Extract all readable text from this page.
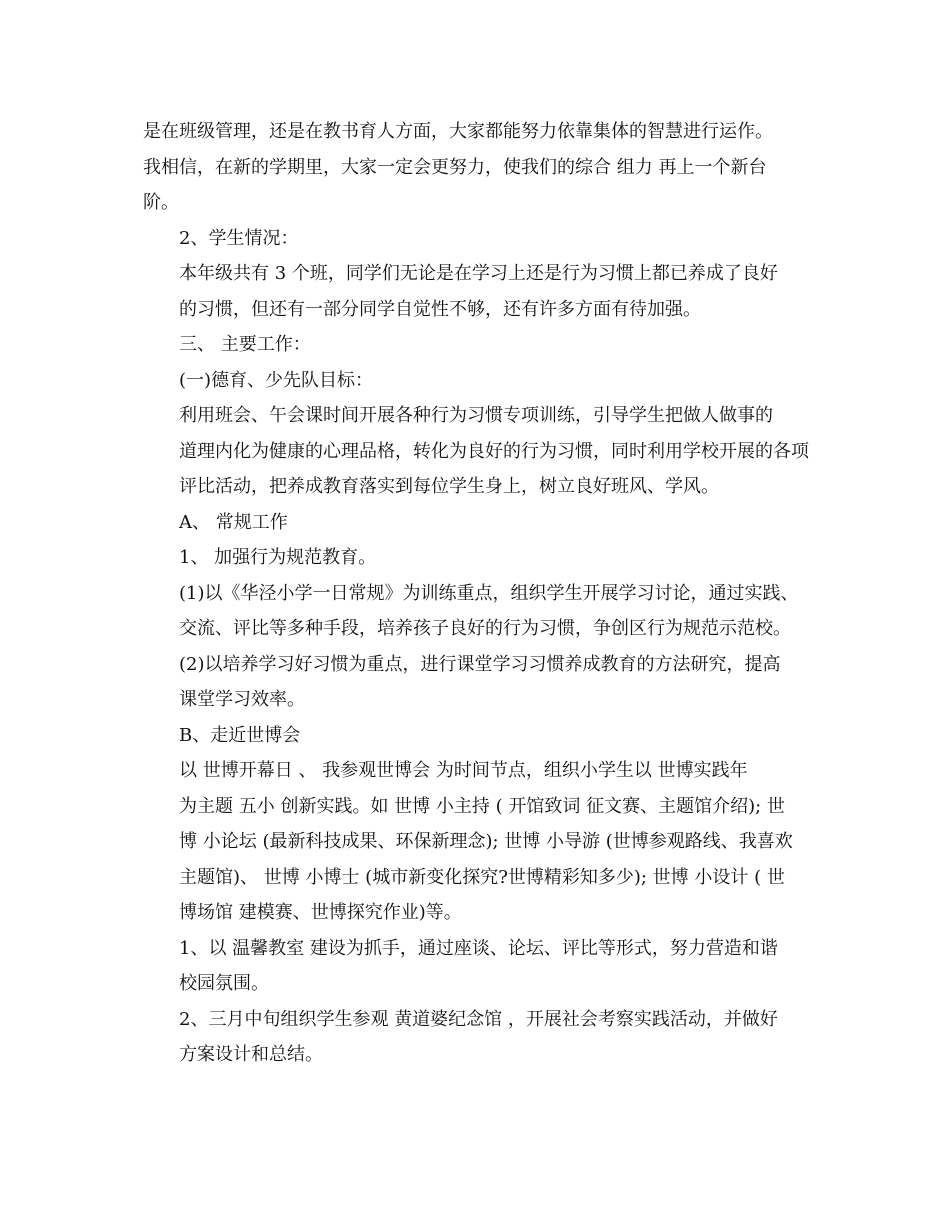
是在班级管理，还是在教书育人方面，大家都能努力依靠集体的智慧进行运作。
我相信，在新的学期里，大家一定会更努力，使我们的综合 组力 再上一个新台
阶。

2、学生情况：

本年级共有 3 个班，同学们无论是在学习上还是行为习惯上都已养成了良好
的习惯，但还有一部分同学自觉性不够，还有许多方面有待加强。

三、 主要工作：

(一)德育、少先队目标：

利用班会、午会课时间开展各种行为习惯专项训练，引导学生把做人做事的
道理内化为健康的心理品格，转化为良好的行为习惯，同时利用学校开展的各项
评比活动，把养成教育落实到每位学生身上，树立良好班风、学风。

A、 常规工作

1、 加强行为规范教育。

(1)以《华泾小学一日常规》为训练重点，组织学生开展学习讨论，通过实践、
交流、评比等多种手段，培养孩子良好的行为习惯，争创区行为规范示范校。

(2)以培养学习好习惯为重点，进行课堂学习习惯养成教育的方法研究，提高
课堂学习效率。

B、走近世博会

以 世博开幕日 、 我参观世博会 为时间节点，组织小学生以 世博实践年
为主题 五小 创新实践。如 世博 小主持 ( 开馆致词 征文赛、主题馆介绍); 世
博 小论坛 (最新科技成果、环保新理念); 世博 小导游 (世博参观路线、我喜欢
主题馆)、 世博 小博士 (城市新变化探究?世博精彩知多少); 世博 小设计 ( 世
博场馆 建模赛、世博探究作业)等。

1、以 温馨教室 建设为抓手，通过座谈、论坛、评比等形式，努力营造和谐
校园氛围。

2、三月中旬组织学生参观 黄道婆纪念馆 ，开展社会考察实践活动，并做好
方案设计和总结。
